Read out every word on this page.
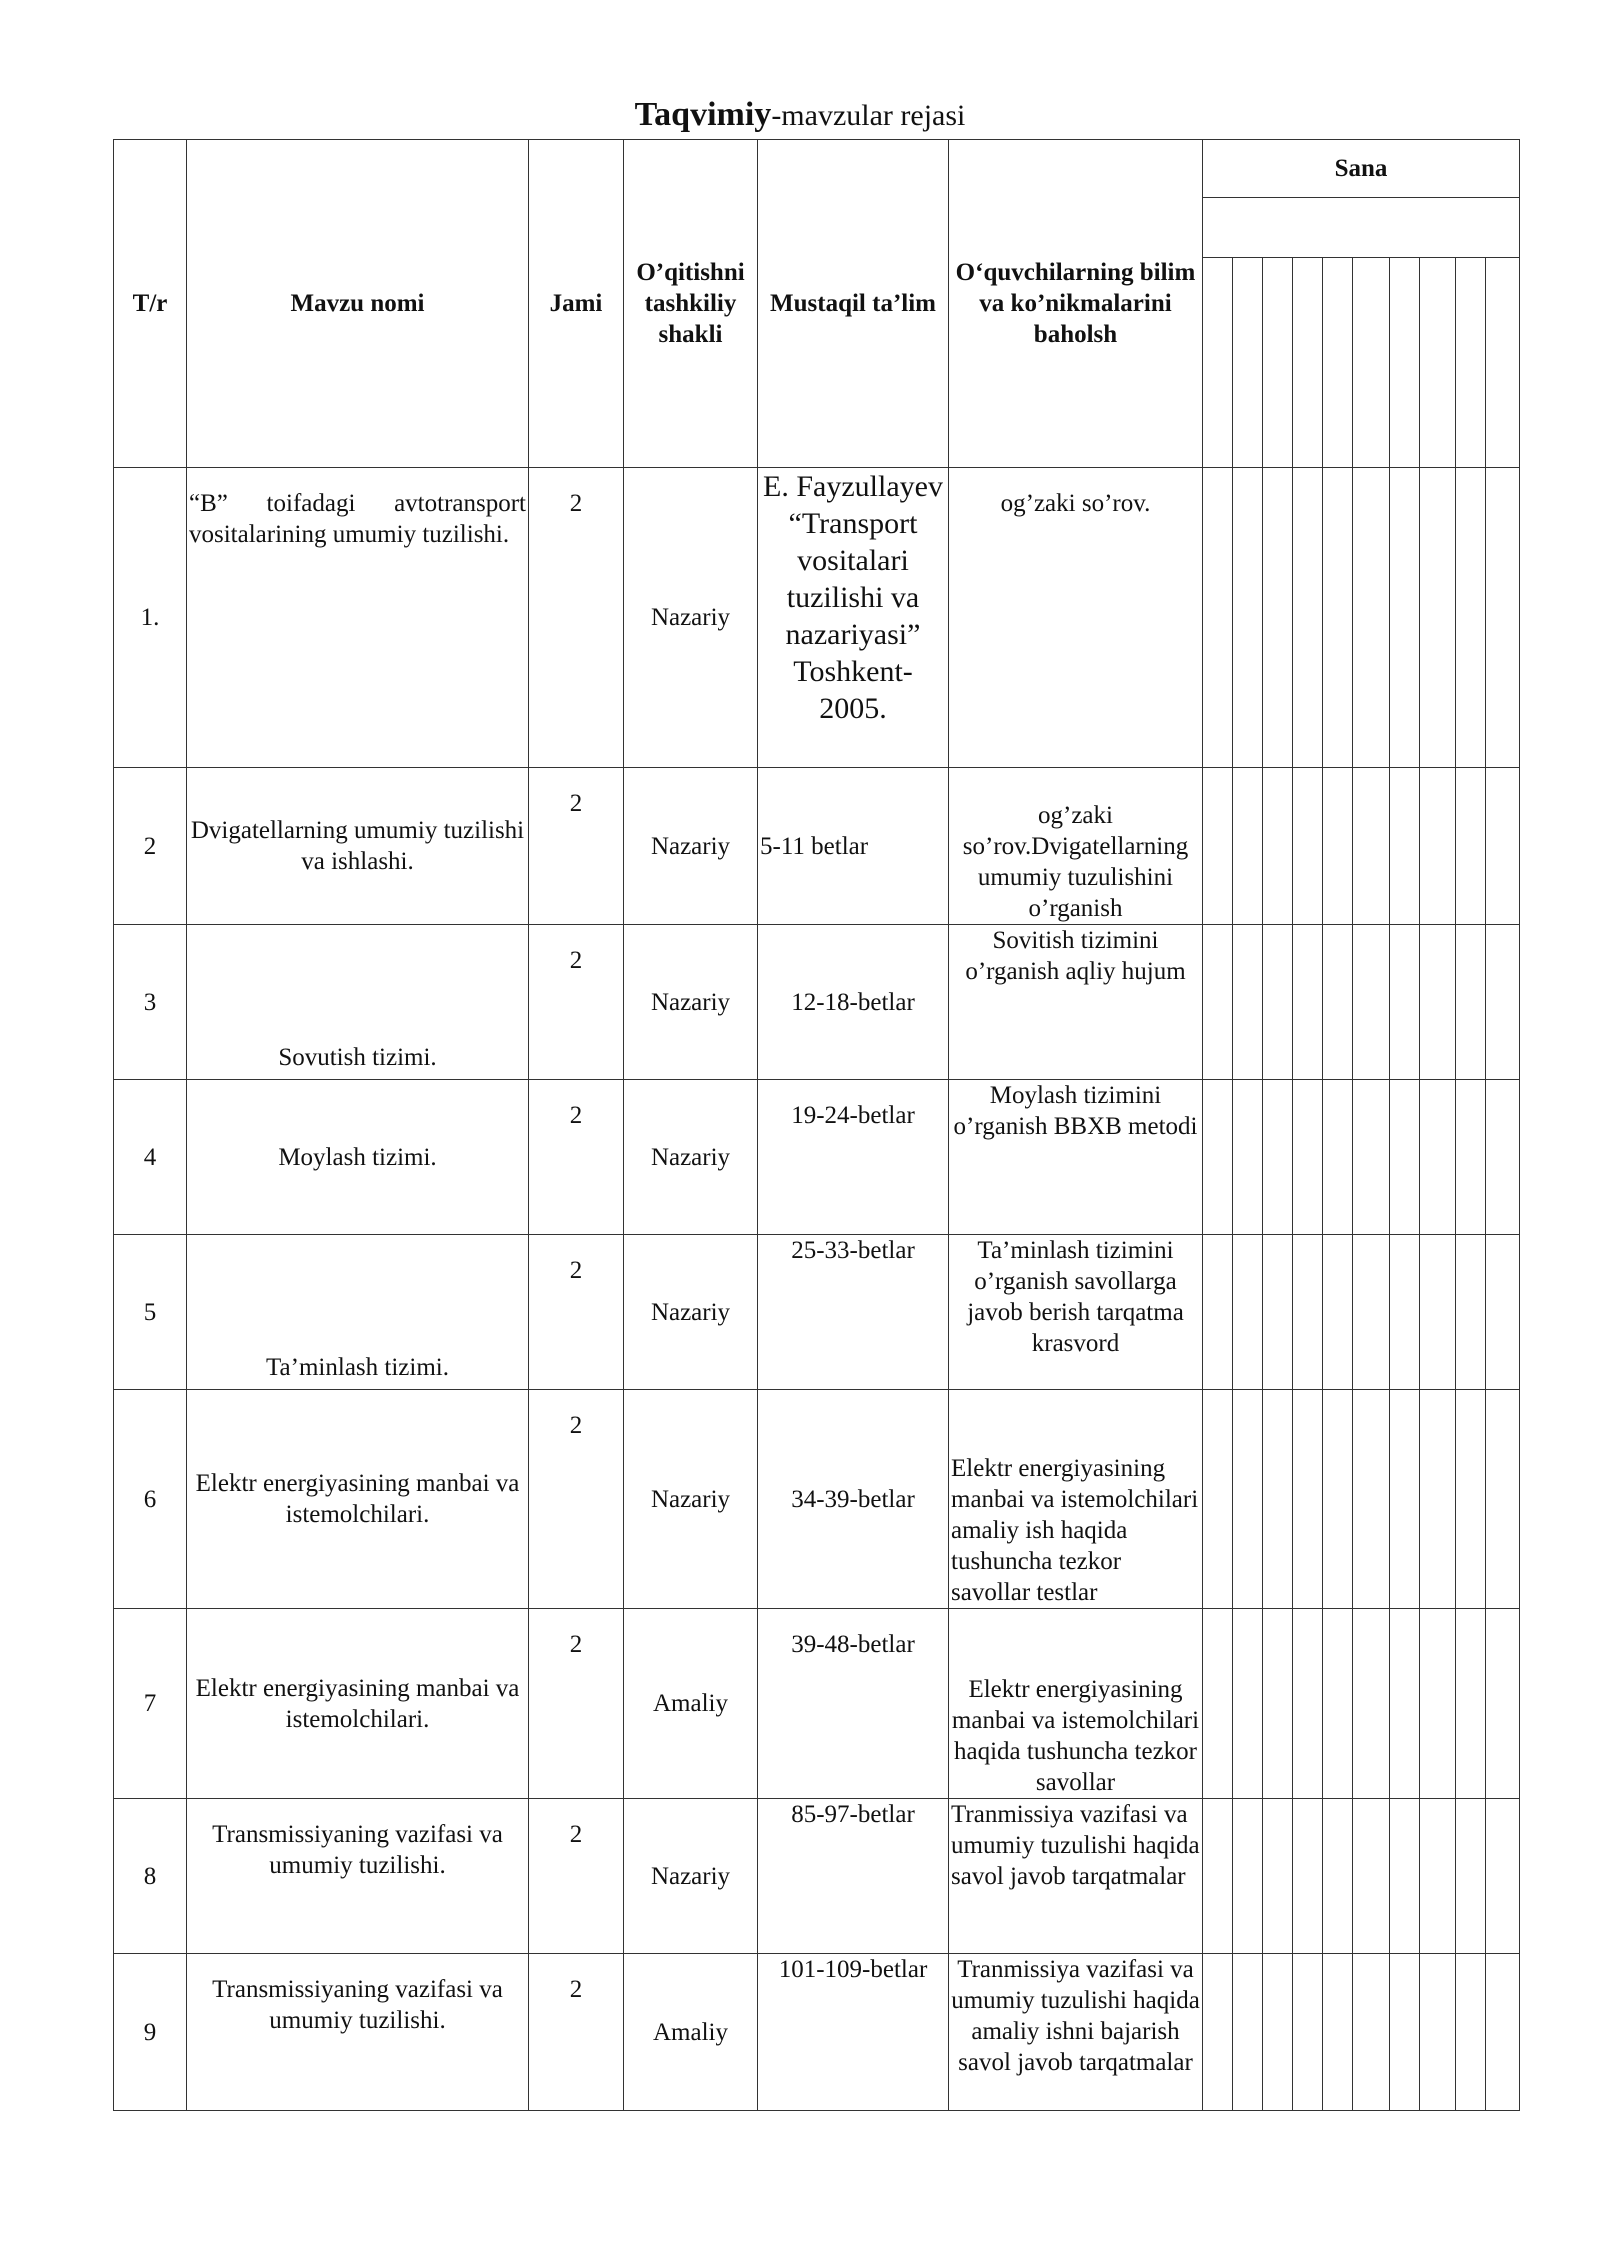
Taqvimiy-mavzular rejasi
T/r	Mavzu nomi	Jami	O’qitishni tashkiliy shakli	Mustaqil ta’lim	O‘quvchilarning bilim va ko’nikmalarini baholsh	Sana									

1.	“B” toifadagi avtotransport vositalarining umumiy tuzilishi.	2	Nazariy	E. Fayzullayev “Transport vositalari tuzilishi va nazariyasi” Toshkent-2005.	og’zaki so’rov.										

2	Dvigatellarning umumiy tuzilishi va ishlashi.	2	Nazariy	5-11 betlar	og’zaki so’rov.Dvigatellarning umumiy tuzulishini o’rganish										

3	Sovutish tizimi.	2	Nazariy	12-18-betlar	Sovitish tizimini o’rganish aqliy hujum										

4	Moylash tizimi.	2	Nazariy	19-24-betlar	Moylash tizimini o’rganish BBXB metodi										

5	Ta’minlash tizimi.	2	Nazariy	25-33-betlar	Ta’minlash tizimini o’rganish savollarga javob berish tarqatma krasvord										

6	Elektr energiyasining manbai va istemolchilari.	2	Nazariy	34-39-betlar	Elektr energiyasining manbai va istemolchilari amaliy ish haqida tushuncha tezkor savollar testlar										

7	Elektr energiyasining manbai va istemolchilari.	2	Amaliy	39-48-betlar	Elektr energiyasining manbai va istemolchilari haqida tushuncha tezkor savollar										

8	Transmissiyaning vazifasi va umumiy tuzilishi.	2	Nazariy	85-97-betlar	Tranmissiya vazifasi va umumiy tuzulishi haqida savol javob tarqatmalar										

9	Transmissiyaning vazifasi va umumiy tuzilishi.	2	Amaliy	101-109-betlar	Tranmissiya vazifasi va umumiy tuzulishi haqida amaliy ishni bajarish savol javob tarqatmalar										
